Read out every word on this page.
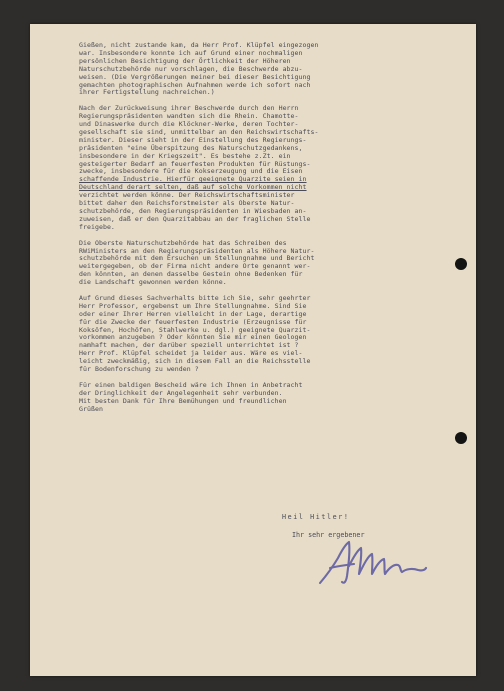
Gießen, nicht zustande kam, da Herr Prof. Klüpfel eingezogen

war. Insbesondere konnte ich auf Grund einer nochmaligen

persönlichen Besichtigung der Örtlichkeit der Höheren

Naturschutzbehörde nur vorschlagen, die Beschwerde abzu-

weisen. (Die Vergrößerungen meiner bei dieser Besichtigung

gemachten photographischen Aufnahmen werde ich sofort nach

ihrer Fertigstellung nachreichen.)

Nach der Zurückweisung ihrer Beschwerde durch den Herrn

Regierungspräsidenten wandten sich die Rhein. Chamotte-

und Dinaswerke durch die Klöckner-Werke, deren Tochter-

gesellschaft sie sind, unmittelbar an den Reichswirtschafts-

minister. Dieser sieht in der Einstellung des Regierungs-

präsidenten "eine Überspitzung des Naturschutzgedankens,

insbesondere in der Kriegszeit". Es bestehe z.Zt. ein

gesteigerter Bedarf an feuerfesten Produkten für Rüstungs-

zwecke, insbesondere für die Kokserzeugung und die Eisen

schaffende Industrie. Hierfür geeignete Quarzite seien in

Deutschland derart selten, daß auf solche Vorkommen nicht

verzichtet werden könne. Der Reichswirtschaftsminister

bittet daher den Reichsforstmeister als Oberste Natur-

schutzbehörde, den Regierungspräsidenten in Wiesbaden an-

zuweisen, daß er den Quarzitabbau an der fraglichen Stelle

freigebe.

Die Oberste Naturschutzbehörde hat das Schreiben des

RWiMinisters an den Regierungspräsidenten als Höhere Natur-

schutzbehörde mit dem Ersuchen um Stellungnahme und Bericht

weitergegeben, ob der Firma nicht andere Orte genannt wer-

den könnten, an denen dasselbe Gestein ohne Bedenken für

die Landschaft gewonnen werden könne.

Auf Grund dieses Sachverhalts bitte ich Sie, sehr geehrter

Herr Professor, ergebenst um Ihre Stellungnahme. Sind Sie

oder einer Ihrer Herren vielleicht in der Lage, derartige

für die Zwecke der feuerfesten Industrie (Erzeugnisse für

Koksöfen, Hochöfen, Stahlwerke u. dgl.) geeignete Quarzit-

vorkommen anzugeben ? Oder könnten Sie mir einen Geologen

namhaft machen, der darüber speziell unterrichtet ist ?

Herr Prof. Klüpfel scheidet ja leider aus. Wäre es viel-

leicht zweckmäßig, sich in diesem Fall an die Reichsstelle

für Bodenforschung zu wenden ?

Für einen baldigen Bescheid wäre ich Ihnen in Anbetracht

der Dringlichkeit der Angelegenheit sehr verbunden.

Mit besten Dank für Ihre Bemühungen und freundlichen

Grüßen

Heil Hitler!
Ihr sehr ergebener
